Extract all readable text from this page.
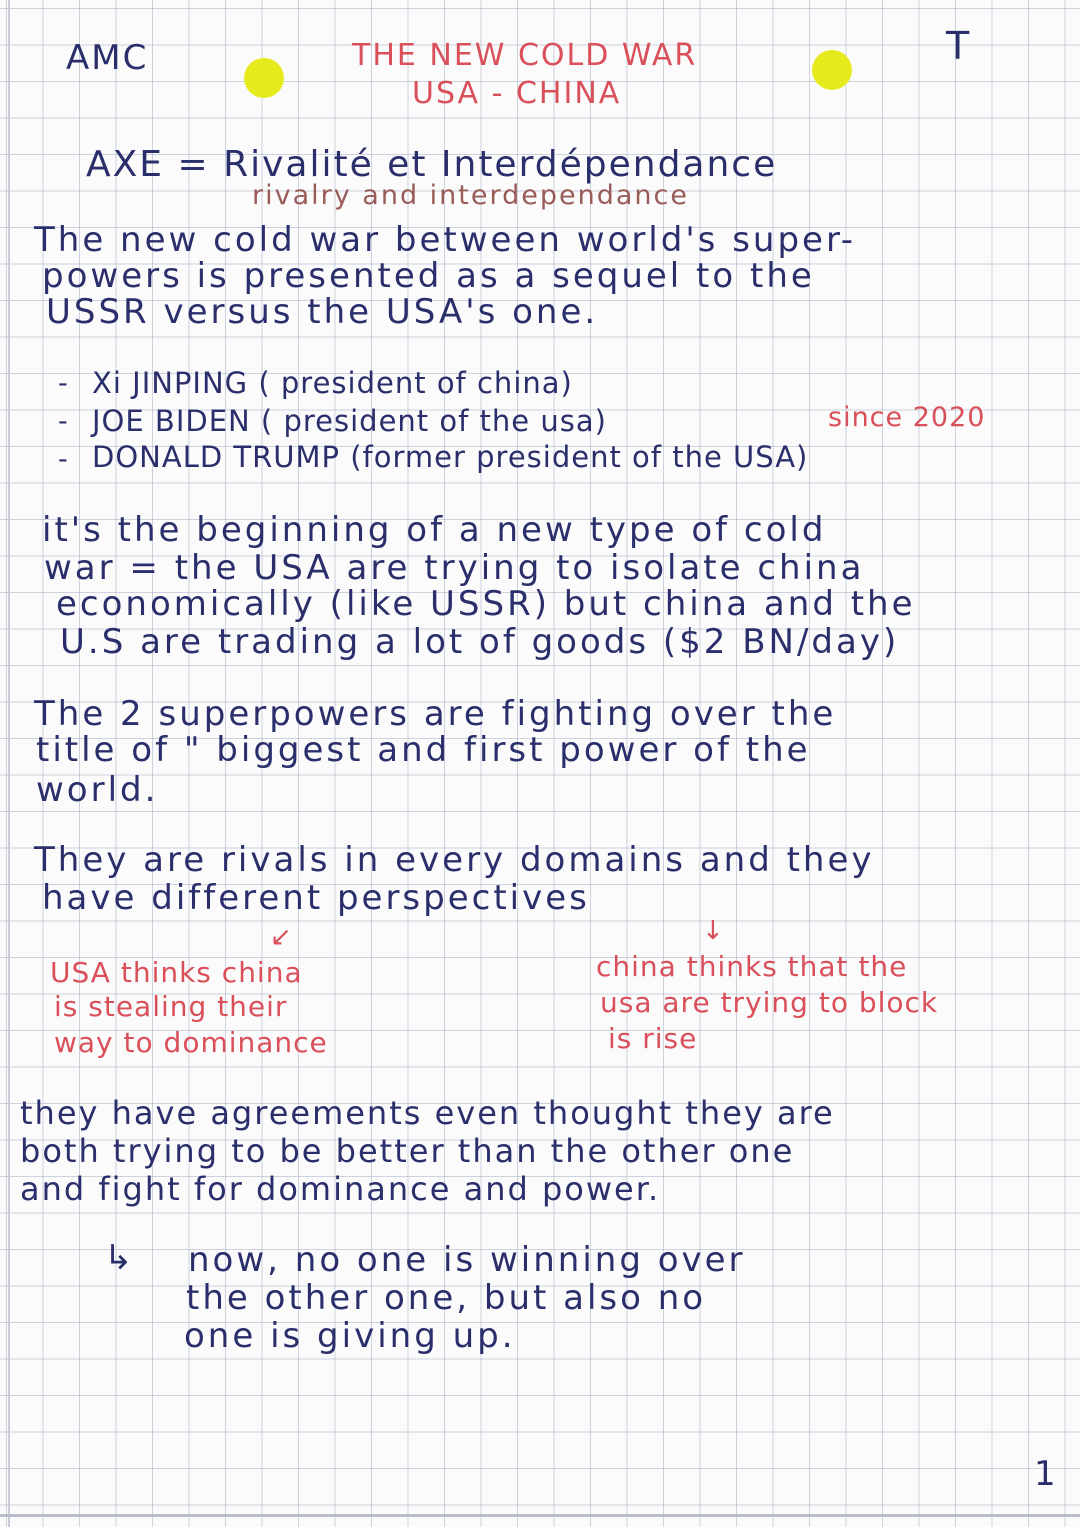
AMC	THE NEW COLD WAR
USA - CHINA
T
AXE = Rivalité et Interdépendance
rivalry and interdependance
The new cold war between world's super-
powers is presented as a sequel to the
USSR versus the USA's one.
- Xi JINPING ( president of china)
- JOE BIDEN ( president of the usa)	since 2020
- DONALD TRUMP (former president of the USA)
it's the beginning of a new type of cold
war = the USA are trying to isolate china
economically (like USSR) but china and the
U.S are trading a lot of goods ($2 BN/day)
The 2 superpowers are fighting over the
title of " biggest and first power of the
world.
They are rivals in every domains and they
have different perspectives
↙	↓
USA thinks china
is stealing their
way to dominance
china thinks that the
usa are trying to block
is rise
they have agreements even thought they are
both trying to be better than the other one
and fight for dominance and power.
↳ now, no one is winning over
the other one, but also no
one is giving up.
1
